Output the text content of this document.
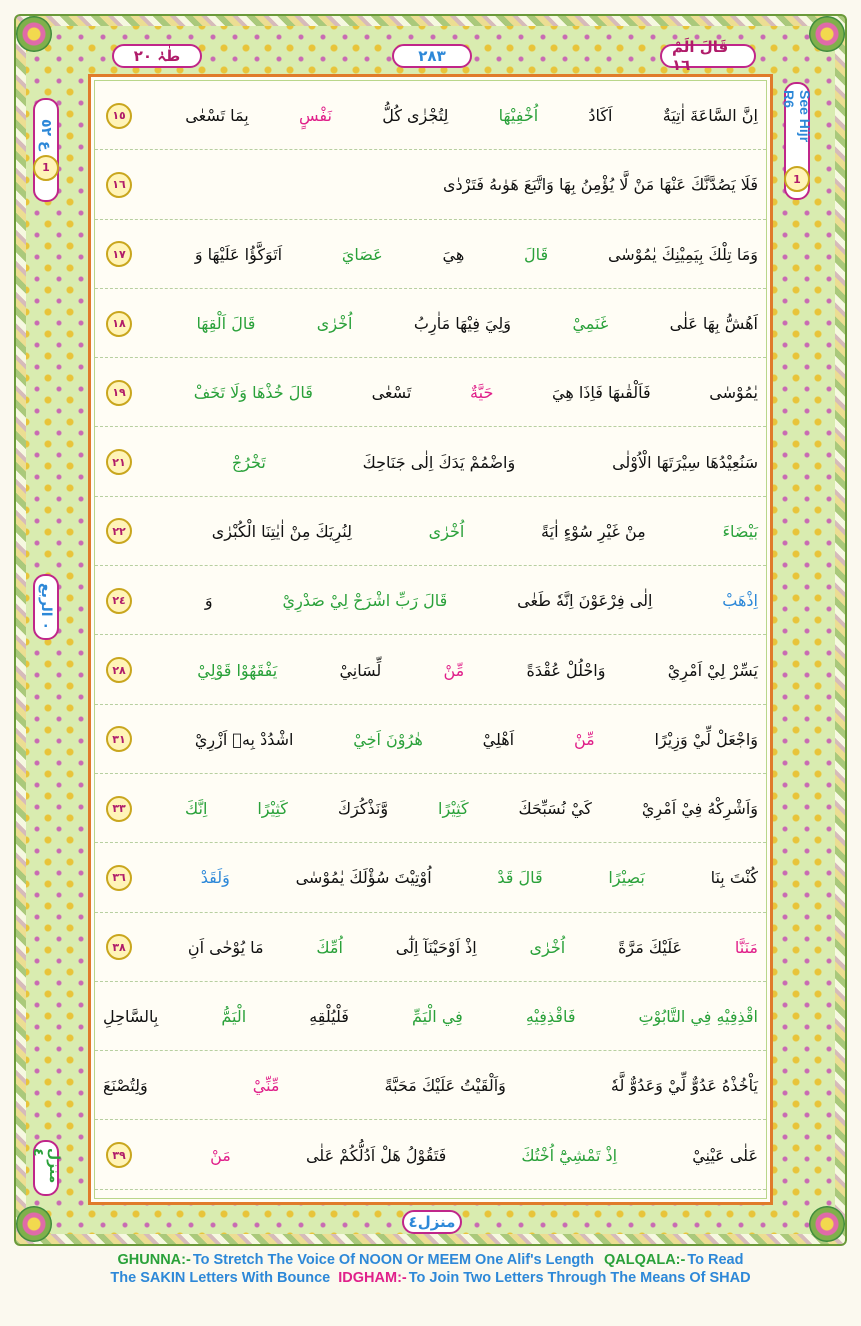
طٰہٰ ٢٠	٢٨٣	قَالَ الَمْ ١٦
See Hijr R6
1
ع ٥٢
1
٠ الربع
منزل ٤
اِنَّ السَّاعَةَ اٰتِيَةٌ
اَكَادُ
اُخْفِيْهَا
لِتُجْزٰى كُلُّ
نَفْسٍ
بِمَا تَسْعٰى
١٥
فَلَا يَصُدَّنَّكَ عَنْهَا مَنْ لَّا يُؤْمِنُ بِهَا وَاتَّبَعَ هَوٰىهُ فَتَرْدٰى
١٦
وَمَا تِلْكَ بِيَمِيْنِكَ يٰمُوْسٰى
قَالَ
هِيَ
عَصَايَ
اَتَوَكَّؤُا عَلَيْهَا وَ
١٧
اَهُشُّ بِهَا عَلٰى
غَنَمِيْ
وَلِيَ فِيْهَا مَاٰرِبُ
اُخْرٰى
قَالَ اَلْقِهَا
١٨
يٰمُوْسٰى
فَاَلْقٰىهَا فَاِذَا هِيَ
حَيَّةٌ
تَسْعٰى
قَالَ خُذْهَا وَلَا تَخَفْ
١٩
سَنُعِيْدُهَا سِيْرَتَهَا الْاُوْلٰى
وَاضْمُمْ يَدَكَ اِلٰى جَنَاحِكَ
تَخْرُجْ
٢١
بَيْضَاءَ
مِنْ غَيْرِ سُوْءٍ اٰيَةً
اُخْرٰى
لِنُرِيَكَ مِنْ اٰيٰتِنَا الْكُبْرٰى
٢٢
اِذْهَبْ
اِلٰى فِرْعَوْنَ اِنَّهٗ طَغٰى
قَالَ رَبِّ اشْرَحْ لِيْ صَدْرِيْ
وَ
٢٤
يَسِّرْ لِيْ اَمْرِيْ
وَاحْلُلْ عُقْدَةً
مِّنْ
لِّسَانِيْ
يَفْقَهُوْا قَوْلِيْ
٢٨
وَاجْعَلْ لِّيْ وَزِيْرًا
مِّنْ
اَهْلِيْ
هٰرُوْنَ اَخِيْ
اشْدُدْ بِهٖ اَزْرِيْ
٣١
وَاَشْرِكْهُ فِيْ اَمْرِيْ
كَيْ نُسَبِّحَكَ
كَثِيْرًا
وَّنَذْكُرَكَ
كَثِيْرًا
اِنَّكَ
٣٣
كُنْتَ بِنَا
بَصِيْرًا
قَالَ قَدْ
اُوْتِيْتَ سُؤْلَكَ يٰمُوْسٰى
وَلَقَدْ
٣٦
مَنَنَّا
عَلَيْكَ مَرَّةً
اُخْرٰى
اِذْ اَوْحَيْنَآ اِلٰٓى
اُمِّكَ
مَا يُوْحٰى اَنِ
٣٨
اقْذِفِيْهِ فِي التَّابُوْتِ
فَاقْذِفِيْهِ
فِي الْيَمِّ
فَلْيُلْقِهِ
الْيَمُّ
بِالسَّاحِلِ
يَاْخُذْهُ عَدُوٌّ لِّيْ وَعَدُوٌّ لَّهٗ
وَاَلْقَيْتُ عَلَيْكَ مَحَبَّةً
مِّنِّيْ
وَلِتُصْنَعَ
عَلٰى عَيْنِيْ
اِذْ تَمْشِيْٓ اُخْتُكَ
فَتَقُوْلُ هَلْ اَدُلُّكُمْ عَلٰى
مَنْ
٣٩
منزل٤
GHUNNA:- To Stretch The Voice Of NOON Or MEEM One Alif's Length QALQALA:- To Read
The SAKIN Letters With Bounce IDGHAM:- To Join Two Letters Through The Means Of SHAD
